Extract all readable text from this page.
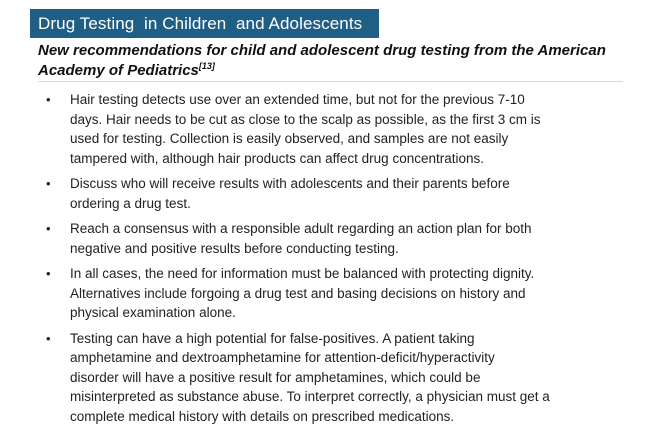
Drug Testing  in Children  and Adolescents
New recommendations for child and adolescent drug testing from the American Academy of Pediatrics[13]
• Hair testing detects use over an extended time, but not for the previous 7-10
days. Hair needs to be cut as close to the scalp as possible, as the first 3 cm is
used for testing. Collection is easily observed, and samples are not easily
tampered with, although hair products can affect drug concentrations.
• Discuss who will receive results with adolescents and their parents before
ordering a drug test.
• Reach a consensus with a responsible adult regarding an action plan for both
negative and positive results before conducting testing.
• In all cases, the need for information must be balanced with protecting dignity.
Alternatives include forgoing a drug test and basing decisions on history and
physical examination alone.
• Testing can have a high potential for false-positives. A patient taking
amphetamine and dextroamphetamine for attention-deficit/hyperactivity
disorder will have a positive result for amphetamines, which could be
misinterpreted as substance abuse. To interpret correctly, a physician must get a
complete medical history with details on prescribed medications.
